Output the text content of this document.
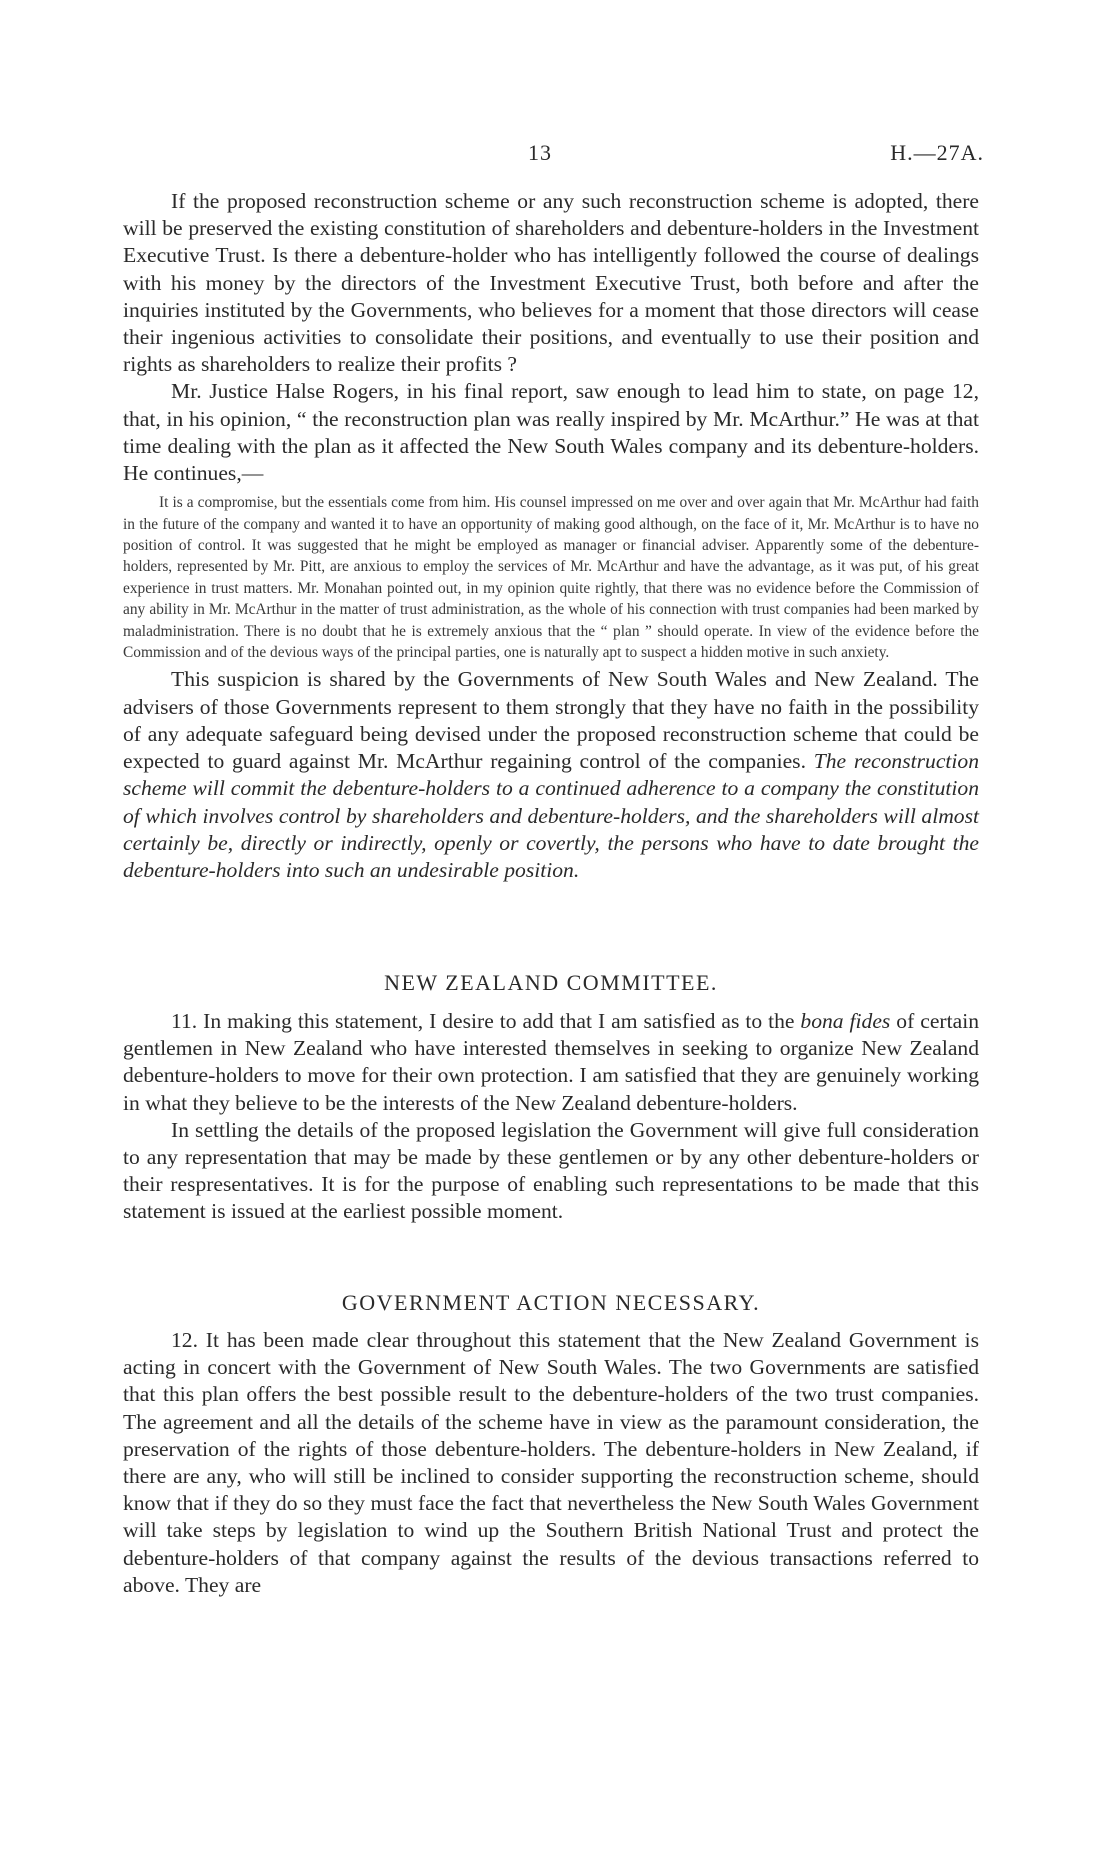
13	H.—27A.

If the proposed reconstruction scheme or any such reconstruction scheme is adopted, there will be preserved the existing constitution of shareholders and debenture-holders in the Investment Executive Trust. Is there a debenture-holder who has intelligently followed the course of dealings with his money by the directors of the Investment Executive Trust, both before and after the inquiries instituted by the Governments, who believes for a moment that those directors will cease their ingenious activities to consolidate their positions, and eventually to use their position and rights as shareholders to realize their profits ?

Mr. Justice Halse Rogers, in his final report, saw enough to lead him to state, on page 12, that, in his opinion, “ the reconstruction plan was really inspired by Mr. McArthur.” He was at that time dealing with the plan as it affected the New South Wales company and its debenture-holders. He continues,—

It is a compromise, but the essentials come from him. His counsel impressed on me over and over again that Mr. McArthur had faith in the future of the company and wanted it to have an opportunity of making good although, on the face of it, Mr. McArthur is to have no position of control. It was suggested that he might be employed as manager or financial adviser. Apparently some of the debenture-holders, represented by Mr. Pitt, are anxious to employ the services of Mr. McArthur and have the advantage, as it was put, of his great experience in trust matters. Mr. Monahan pointed out, in my opinion quite rightly, that there was no evidence before the Commission of any ability in Mr. McArthur in the matter of trust administration, as the whole of his connection with trust companies had been marked by maladministration. There is no doubt that he is extremely anxious that the “ plan ” should operate. In view of the evidence before the Commission and of the devious ways of the principal parties, one is naturally apt to suspect a hidden motive in such anxiety.

This suspicion is shared by the Governments of New South Wales and New Zealand. The advisers of those Governments represent to them strongly that they have no faith in the possibility of any adequate safeguard being devised under the proposed reconstruction scheme that could be expected to guard against Mr. McArthur regaining control of the companies. The reconstruction scheme will commit the debenture-holders to a continued adherence to a company the constitution of which involves control by shareholders and debenture-holders, and the shareholders will almost certainly be, directly or indirectly, openly or covertly, the persons who have to date brought the debenture-holders into such an undesirable position.

NEW ZEALAND COMMITTEE.

11. In making this statement, I desire to add that I am satisfied as to the bona fides of certain gentlemen in New Zealand who have interested themselves in seeking to organize New Zealand debenture-holders to move for their own protection. I am satisfied that they are genuinely working in what they believe to be the interests of the New Zealand debenture-holders.

In settling the details of the proposed legislation the Government will give full consideration to any representation that may be made by these gentlemen or by any other debenture-holders or their respresentatives. It is for the purpose of enabling such representations to be made that this statement is issued at the earliest possible moment.

GOVERNMENT ACTION NECESSARY.

12. It has been made clear throughout this statement that the New Zealand Government is acting in concert with the Government of New South Wales. The two Governments are satisfied that this plan offers the best possible result to the debenture-holders of the two trust companies. The agreement and all the details of the scheme have in view as the paramount consideration, the preservation of the rights of those debenture-holders. The debenture-holders in New Zealand, if there are any, who will still be inclined to consider supporting the reconstruction scheme, should know that if they do so they must face the fact that nevertheless the New South Wales Government will take steps by legislation to wind up the Southern British National Trust and protect the debenture-holders of that company against the results of the devious transactions referred to above. They are
